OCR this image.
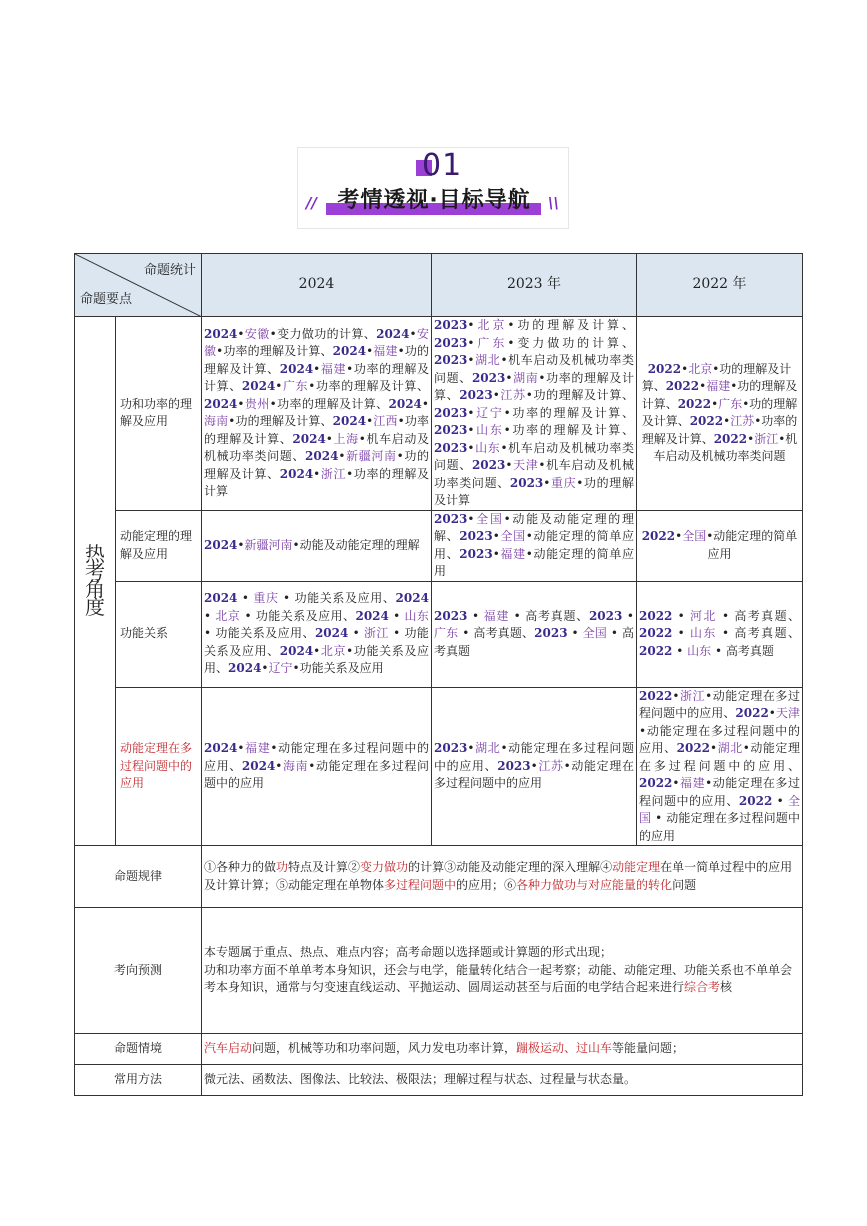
01
// 考情透视·目标导航	\\
命题统计
命题要点		2024	2023 年	2022 年

热
考
角
度	功和功率的理解及应用	2024•安徽•变力做功的计算、2024•安徽•功率的理解及计算、2024•福建•功的理解及计算、2024•福建•功率的理解及计算、2024•广东•功率的理解及计算、2024•贵州•功率的理解及计算、2024•海南•功的理解及计算、2024•江西•功率的理解及计算、2024•上海•机车启动及机械功率类问题、2024•新疆河南•功的理解及计算、2024•浙江•功率的理解及计算	2023•北京•功的理解及计算、2023•广东•变力做功的计算、2023•湖北•机车启动及机械功率类问题、2023•湖南•功率的理解及计算、2023•江苏•功的理解及计算、2023•辽宁•功率的理解及计算、2023•山东•功率的理解及计算、2023•山东•机车启动及机械功率类问题、2023•天津•机车启动及机械功率类问题、2023•重庆•功的理解及计算	2022•北京•功的理解及计算、2022•福建•功的理解及计算、2022•广东•功的理解及计算、2022•江苏•功率的理解及计算、2022•浙江•机车启动及机械功率类问题
	动能定理的理解及应用	2024•新疆河南•动能及动能定理的理解	2023•全国•动能及动能定理的理解、2023•全国•动能定理的简单应用、2023•福建•动能定理的简单应用	2022•全国•动能定理的简单应用
	功能关系	2024 • 重庆 • 功能关系及应用、2024 • 北京 • 功能关系及应用、2024 • 山东 • 功能关系及应用、2024 • 浙江 • 功能关系及应用、2024•北京•功能关系及应用、2024•辽宁•功能关系及应用	2023 • 福建 • 高考真题、2023 • 广东 • 高考真题、2023 • 全国 • 高考真题	2022 • 河北 • 高考真题、2022 • 山东 • 高考真题、2022 • 山东 • 高考真题
	动能定理在多过程问题中的应用	2024•福建•动能定理在多过程问题中的应用、2024•海南•动能定理在多过程问题中的应用	2023•湖北•动能定理在多过程问题中的应用、2023•江苏•动能定理在多过程问题中的应用	2022•浙江•动能定理在多过程问题中的应用、2022•天津•动能定理在多过程问题中的应用、2022•湖北•动能定理在多过程问题中的应用、2022•福建•动能定理在多过程问题中的应用、2022 • 全国 • 动能定理在多过程问题中的应用
命题规律		①各种力的做功特点及计算②变力做功的计算③动能及动能定理的深入理解④动能定理在单一简单过程中的应用及计算计算；⑤动能定理在单物体多过程问题中的应用；⑥各种力做功与对应能量的转化问题		
考向预测		本专题属于重点、热点、难点内容；高考命题以选择题或计算题的形式出现；
功和功率方面不单单考本身知识，还会与电学，能量转化结合一起考察；动能、动能定理、功能关系也不单单会考本身知识，通常与匀变速直线运动、平抛运动、圆周运动甚至与后面的电学结合起来进行综合考核		

命题情境		汽车启动问题，机械等功和功率问题，风力发电功率计算，蹦极运动、过山车等能量问题；		
常用方法		微元法、函数法、图像法、比较法、极限法；理解过程与状态、过程量与状态量。		
